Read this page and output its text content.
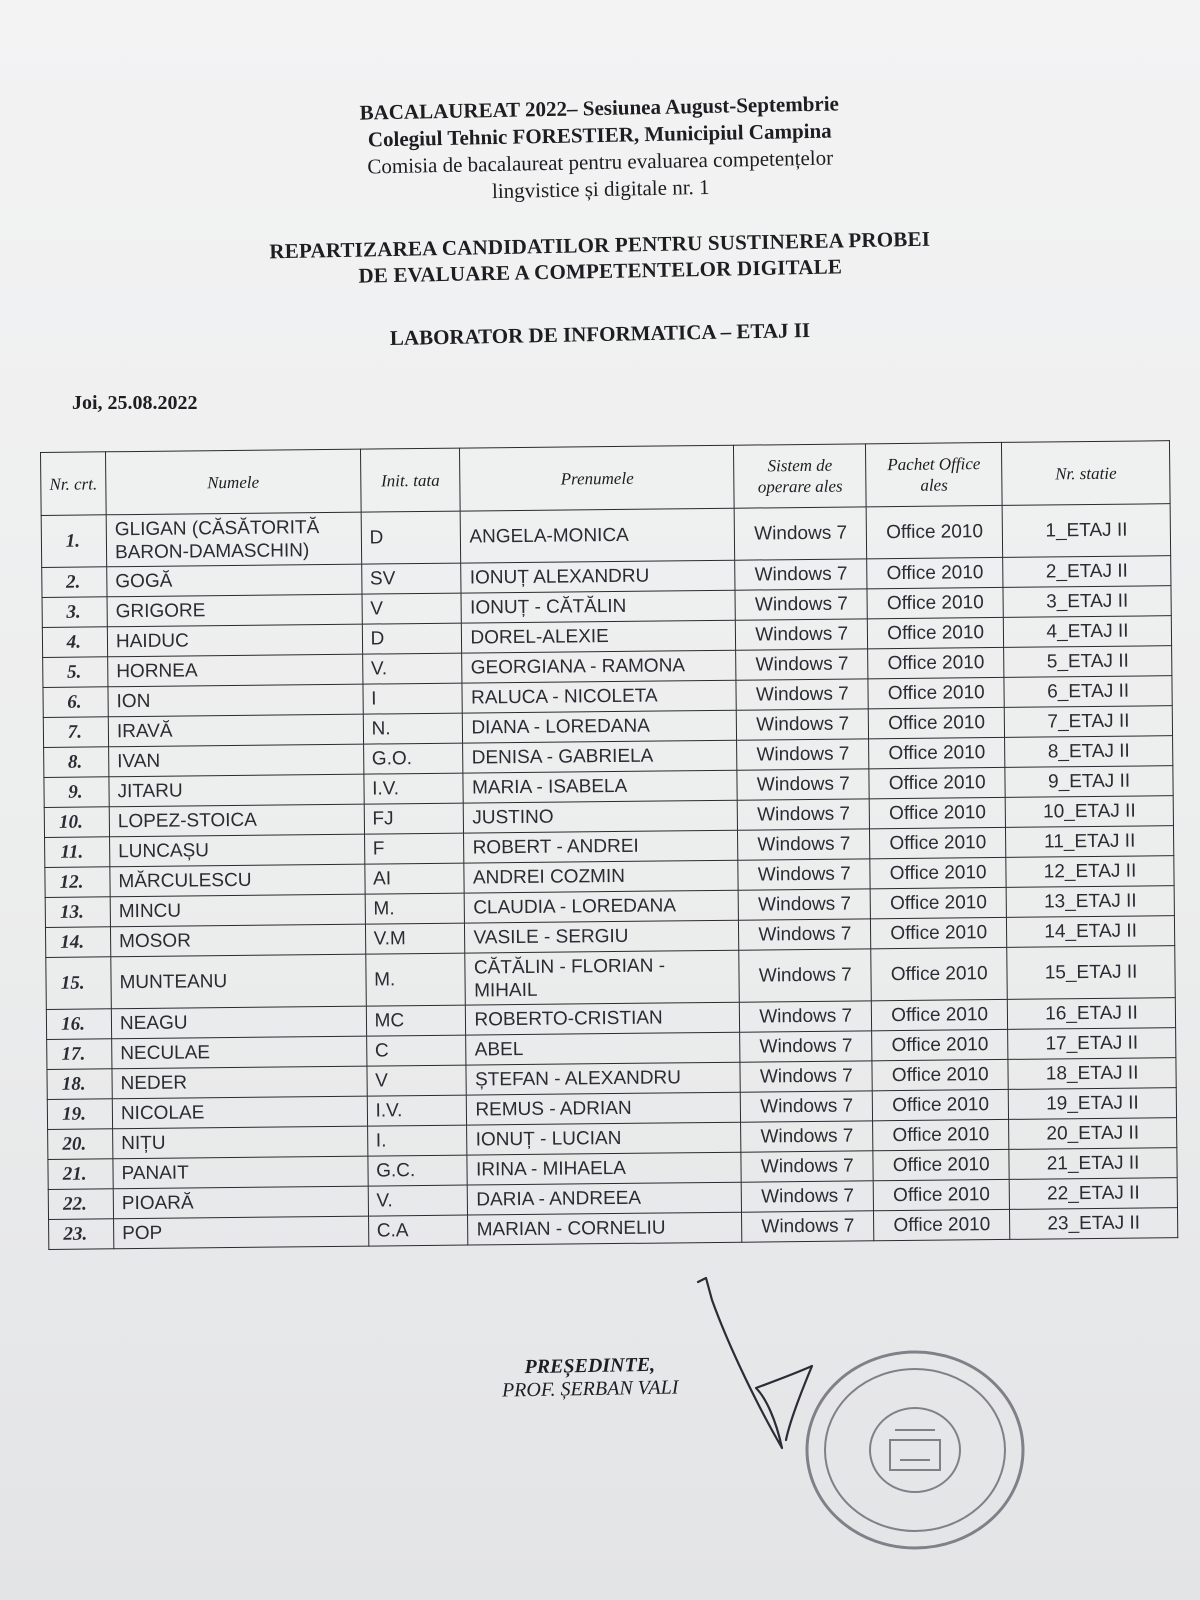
BACALAUREAT 2022– Sesiunea August-Septembrie
Colegiul Tehnic FORESTIER, Municipiul Campina
Comisia de bacalaureat pentru evaluarea competențelor
lingvistice și digitale nr. 1
REPARTIZAREA CANDIDATILOR PENTRU SUSTINEREA PROBEI
DE EVALUARE A COMPETENTELOR DIGITALE
LABORATOR DE INFORMATICA – ETAJ II
Joi, 25.08.2022
Nr. crt.	Numele	Init. tata	Prenumele	Sistem de operare ales	Pachet Office ales	Nr. statie
1.	GLIGAN (CĂSĂTORITĂ BARON-DAMASCHIN)	D	ANGELA-MONICA	Windows 7	Office 2010	1_ETAJ II
2.	GOGĂ	SV	IONUȚ ALEXANDRU	Windows 7	Office 2010	2_ETAJ II
3.	GRIGORE	V	IONUȚ - CĂTĂLIN	Windows 7	Office 2010	3_ETAJ II
4.	HAIDUC	D	DOREL-ALEXIE	Windows 7	Office 2010	4_ETAJ II
5.	HORNEA	V.	GEORGIANA - RAMONA	Windows 7	Office 2010	5_ETAJ II
6.	ION	I	RALUCA - NICOLETA	Windows 7	Office 2010	6_ETAJ II
7.	IRAVĂ	N.	DIANA - LOREDANA	Windows 7	Office 2010	7_ETAJ II
8.	IVAN	G.O.	DENISA - GABRIELA	Windows 7	Office 2010	8_ETAJ II
9.	JITARU	I.V.	MARIA - ISABELA	Windows 7	Office 2010	9_ETAJ II
10.	LOPEZ-STOICA	FJ	JUSTINO	Windows 7	Office 2010	10_ETAJ II
11.	LUNCAȘU	F	ROBERT - ANDREI	Windows 7	Office 2010	11_ETAJ II
12.	MĂRCULESCU	AI	ANDREI COZMIN	Windows 7	Office 2010	12_ETAJ II
13.	MINCU	M.	CLAUDIA - LOREDANA	Windows 7	Office 2010	13_ETAJ II
14.	MOSOR	V.M	VASILE - SERGIU	Windows 7	Office 2010	14_ETAJ II
15.	MUNTEANU	M.	CĂTĂLIN - FLORIAN - MIHAIL	Windows 7	Office 2010	15_ETAJ II
16.	NEAGU	MC	ROBERTO-CRISTIAN	Windows 7	Office 2010	16_ETAJ II
17.	NECULAE	C	ABEL	Windows 7	Office 2010	17_ETAJ II
18.	NEDER	V	ȘTEFAN - ALEXANDRU	Windows 7	Office 2010	18_ETAJ II
19.	NICOLAE	I.V.	REMUS - ADRIAN	Windows 7	Office 2010	19_ETAJ II
20.	NIȚU	I.	IONUȚ - LUCIAN	Windows 7	Office 2010	20_ETAJ II
21.	PANAIT	G.C.	IRINA - MIHAELA	Windows 7	Office 2010	21_ETAJ II
22.	PIOARĂ	V.	DARIA - ANDREEA	Windows 7	Office 2010	22_ETAJ II
23.	POP	C.A	MARIAN - CORNELIU	Windows 7	Office 2010	23_ETAJ II
PREȘEDINTE,
PROF. ȘERBAN VALI
